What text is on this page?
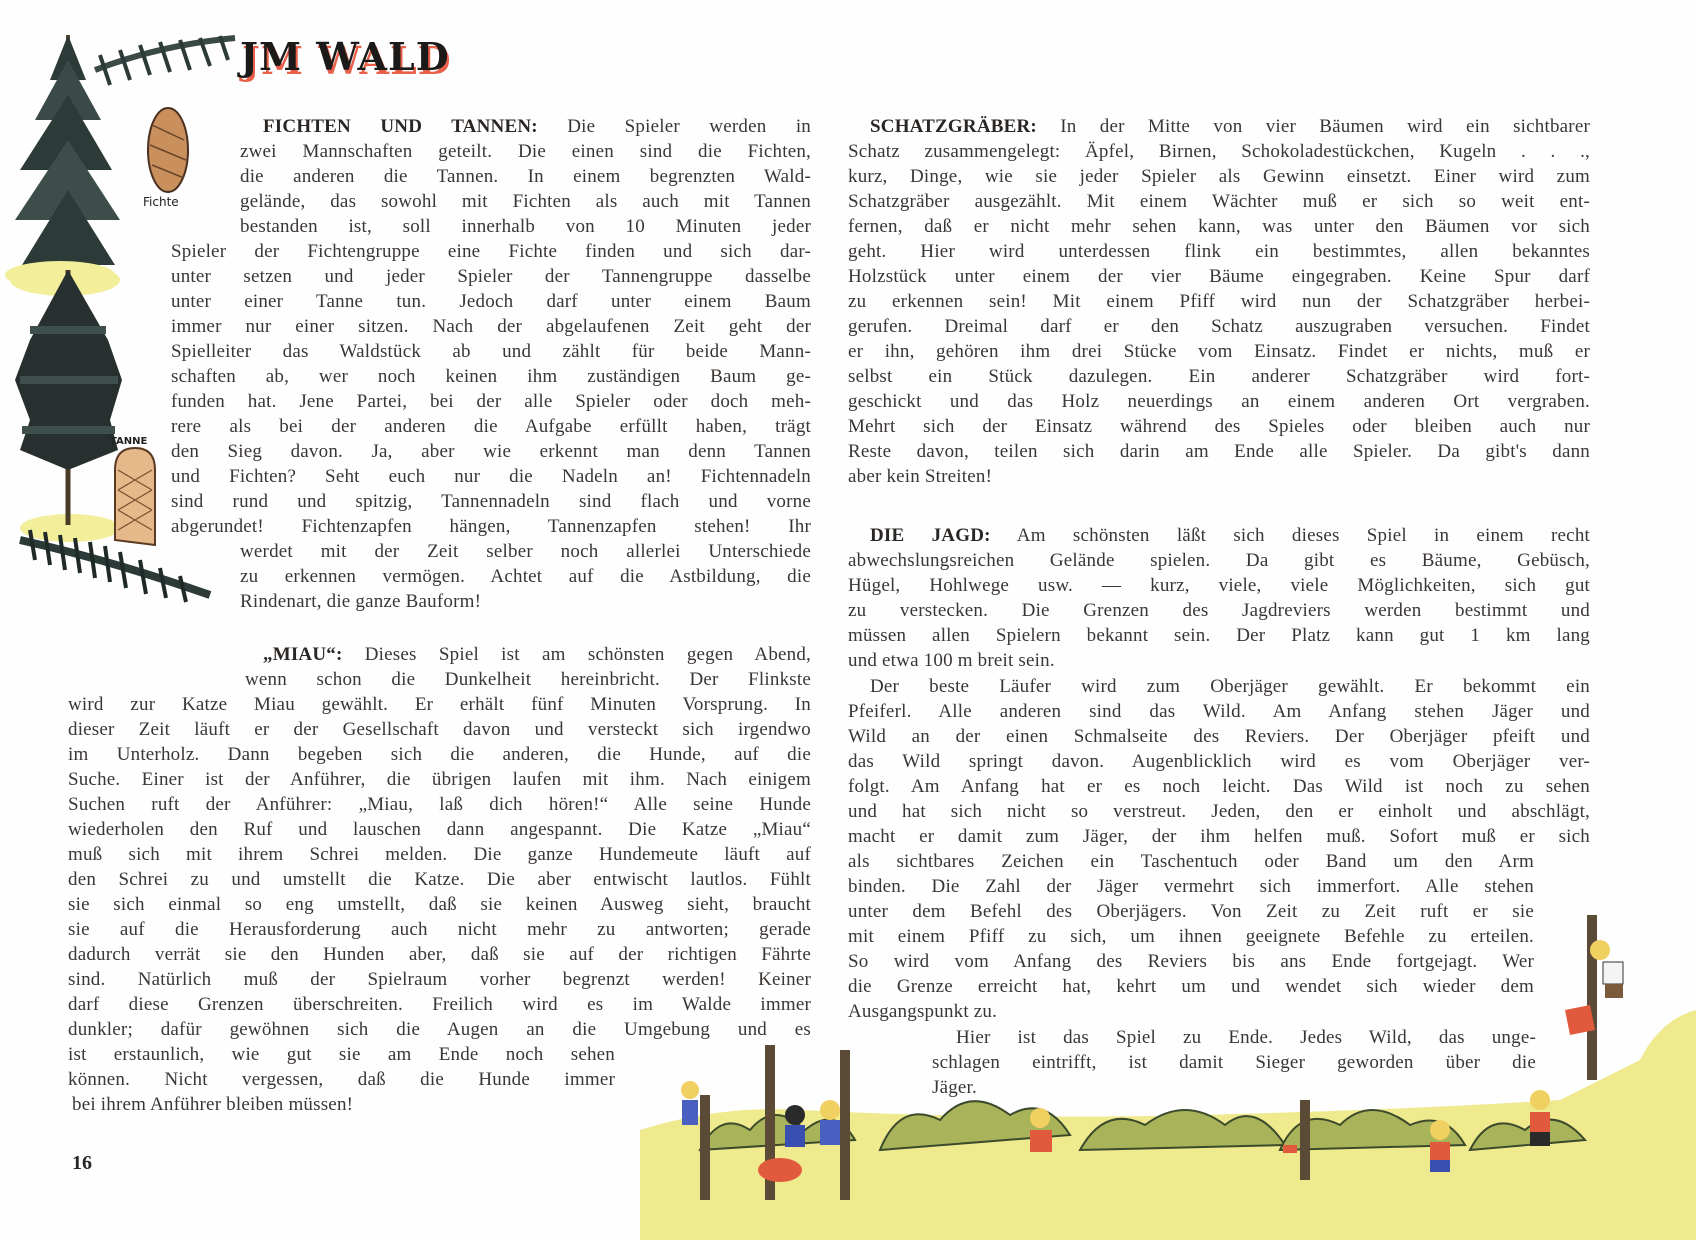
JM WALD
Fichte
TANNE
FICHTEN UND TANNEN: Die Spieler werden in
zwei Mannschaften geteilt. Die einen sind die Fichten,
die anderen die Tannen. In einem begrenzten Wald-
gelände, das sowohl mit Fichten als auch mit Tannen
bestanden ist, soll innerhalb von 10 Minuten jeder
Spieler der Fichtengruppe eine Fichte finden und sich dar-
unter setzen und jeder Spieler der Tannengruppe dasselbe
unter einer Tanne tun. Jedoch darf unter einem Baum
immer nur einer sitzen. Nach der abgelaufenen Zeit geht der
Spielleiter das Waldstück ab und zählt für beide Mann-
schaften ab, wer noch keinen ihm zuständigen Baum ge-
funden hat. Jene Partei, bei der alle Spieler oder doch meh-
rere als bei der anderen die Aufgabe erfüllt haben, trägt
den Sieg davon. Ja, aber wie erkennt man denn Tannen
und Fichten? Seht euch nur die Nadeln an! Fichtennadeln
sind rund und spitzig, Tannennadeln sind flach und vorne
abgerundet! Fichtenzapfen hängen, Tannenzapfen stehen! Ihr
werdet mit der Zeit selber noch allerlei Unterschiede
zu erkennen vermögen. Achtet auf die Astbildung, die
Rindenart, die ganze Bauform!
„MIAU“: Dieses Spiel ist am schönsten gegen Abend,
wenn schon die Dunkelheit hereinbricht. Der Flinkste
wird zur Katze Miau gewählt. Er erhält fünf Minuten Vorsprung. In
dieser Zeit läuft er der Gesellschaft davon und versteckt sich irgendwo
im Unterholz. Dann begeben sich die anderen, die Hunde, auf die
Suche. Einer ist der Anführer, die übrigen laufen mit ihm. Nach einigem
Suchen ruft der Anführer: „Miau, laß dich hören!“ Alle seine Hunde
wiederholen den Ruf und lauschen dann angespannt. Die Katze „Miau“
muß sich mit ihrem Schrei melden. Die ganze Hundemeute läuft auf
den Schrei zu und umstellt die Katze. Die aber entwischt lautlos. Fühlt
sie sich einmal so eng umstellt, daß sie keinen Ausweg sieht, braucht
sie auf die Herausforderung auch nicht mehr zu antworten; gerade
dadurch verrät sie den Hunden aber, daß sie auf der richtigen Fährte
sind. Natürlich muß der Spielraum vorher begrenzt werden! Keiner
darf diese Grenzen überschreiten. Freilich wird es im Walde immer
dunkler; dafür gewöhnen sich die Augen an die Umgebung und es
ist erstaunlich, wie gut sie am Ende noch sehen
können. Nicht vergessen, daß die Hunde immer
bei ihrem Anführer bleiben müssen!
16
SCHATZGRÄBER: In der Mitte von vier Bäumen wird ein sichtbarer
Schatz zusammengelegt: Äpfel, Birnen, Schokoladestückchen, Kugeln . . .,
kurz, Dinge, wie sie jeder Spieler als Gewinn einsetzt. Einer wird zum
Schatzgräber ausgezählt. Mit einem Wächter muß er sich so weit ent-
fernen, daß er nicht mehr sehen kann, was unter den Bäumen vor sich
geht. Hier wird unterdessen flink ein bestimmtes, allen bekanntes
Holzstück unter einem der vier Bäume eingegraben. Keine Spur darf
zu erkennen sein! Mit einem Pfiff wird nun der Schatzgräber herbei-
gerufen. Dreimal darf er den Schatz auszugraben versuchen. Findet
er ihn, gehören ihm drei Stücke vom Einsatz. Findet er nichts, muß er
selbst ein Stück dazulegen. Ein anderer Schatzgräber wird fort-
geschickt und das Holz neuerdings an einem anderen Ort vergraben.
Mehrt sich der Einsatz während des Spieles oder bleiben auch nur
Reste davon, teilen sich darin am Ende alle Spieler. Da gibt's dann
aber kein Streiten!
DIE JAGD: Am schönsten läßt sich dieses Spiel in einem recht
abwechslungsreichen Gelände spielen. Da gibt es Bäume, Gebüsch,
Hügel, Hohlwege usw. — kurz, viele, viele Möglichkeiten, sich gut
zu verstecken. Die Grenzen des Jagdreviers werden bestimmt und
müssen allen Spielern bekannt sein. Der Platz kann gut 1 km lang
und etwa 100 m breit sein.
Der beste Läufer wird zum Oberjäger gewählt. Er bekommt ein
Pfeiferl. Alle anderen sind das Wild. Am Anfang stehen Jäger und
Wild an der einen Schmalseite des Reviers. Der Oberjäger pfeift und
das Wild springt davon. Augenblicklich wird es vom Oberjäger ver-
folgt. Am Anfang hat er es noch leicht. Das Wild ist noch zu sehen
und hat sich nicht so verstreut. Jeden, den er einholt und abschlägt,
macht er damit zum Jäger, der ihm helfen muß. Sofort muß er sich
als sichtbares Zeichen ein Taschentuch oder Band um den Arm
binden. Die Zahl der Jäger vermehrt sich immerfort. Alle stehen
unter dem Befehl des Oberjägers. Von Zeit zu Zeit ruft er sie
mit einem Pfiff zu sich, um ihnen geeignete Befehle zu erteilen.
So wird vom Anfang des Reviers bis ans Ende fortgejagt. Wer
die Grenze erreicht hat, kehrt um und wendet sich wieder dem
Ausgangspunkt zu.
Hier ist das Spiel zu Ende. Jedes Wild, das unge-
schlagen eintrifft, ist damit Sieger geworden über die
Jäger.
